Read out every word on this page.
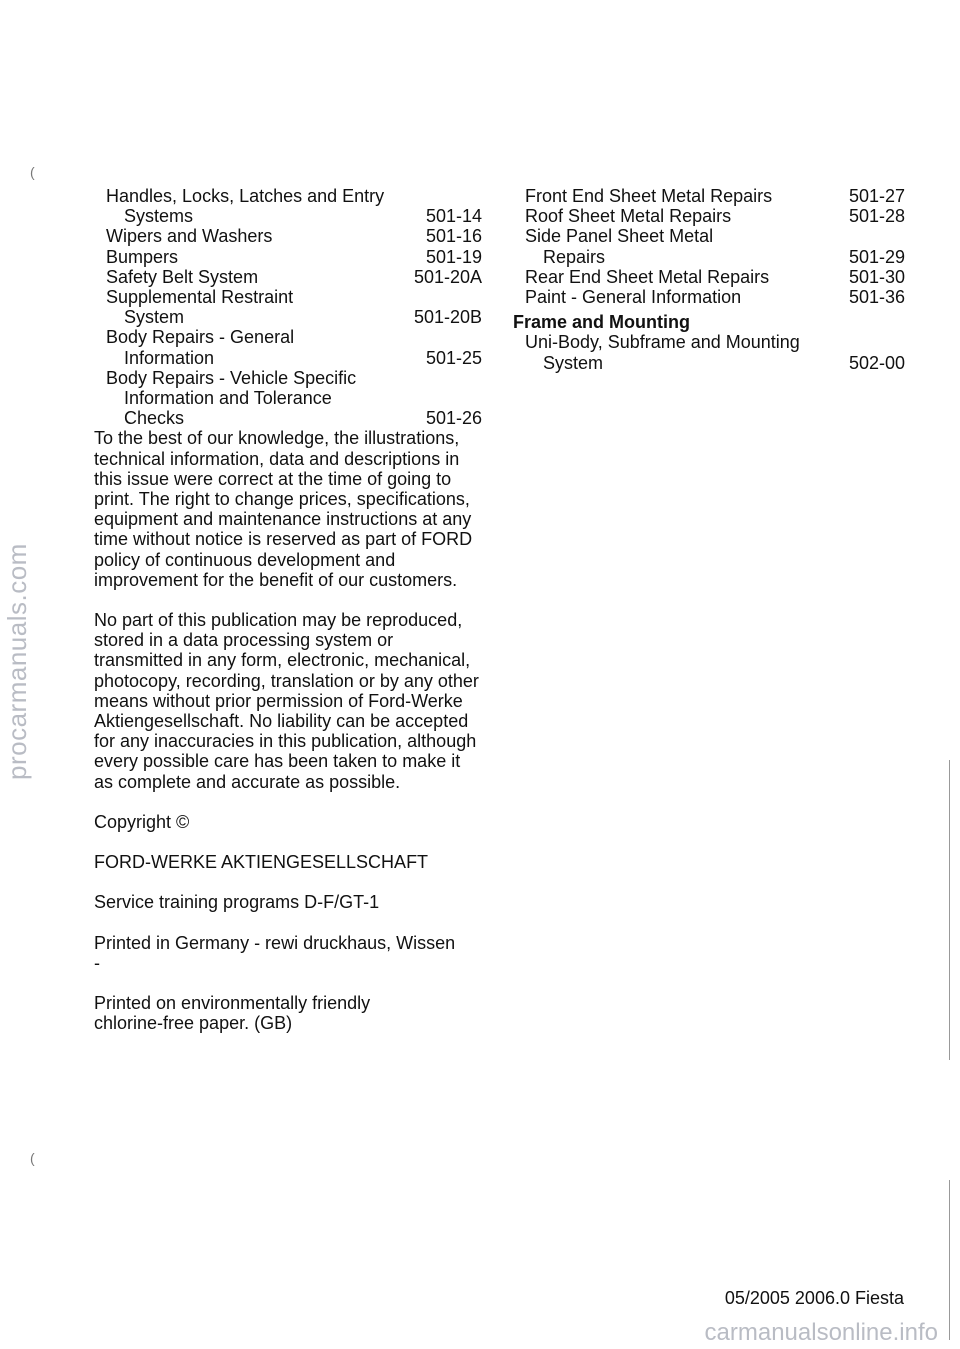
Handles, Locks, Latches and Entry
Systems	501-14
Wipers and Washers	501-16
Bumpers	501-19
Safety Belt System	501-20A
Supplemental Restraint
System	501-20B
Body Repairs - General
Information	501-25
Body Repairs - Vehicle Specific
Information and Tolerance
Checks	501-26

To the best of our knowledge, the illustrations, technical information, data and descriptions in this issue were correct at the time of going to print. The right to change prices, specifications, equipment and maintenance instructions at any time without notice is reserved as part of FORD policy of continuous development and improvement for the benefit of our customers.

No part of this publication may be reproduced, stored in a data processing system or transmitted in any form, electronic, mechanical, photocopy, recording, translation or by any other means without prior permission of Ford-Werke Aktiengesellschaft. No liability can be accepted for any inaccuracies in this publication, although every possible care has been taken to make it as complete and accurate as possible.

Copyright ©

FORD-WERKE AKTIENGESELLSCHAFT

Service training programs D-F/GT-1

Printed in Germany - rewi druckhaus, Wissen

-

Printed on environmentally friendly chlorine-free paper. (GB)

Front End Sheet Metal Repairs	501-27
Roof Sheet Metal Repairs	501-28
Side Panel Sheet Metal
Repairs	501-29
Rear End Sheet Metal Repairs	501-30
Paint - General Information	501-36
Frame and Mounting
Uni-Body, Subframe and Mounting
System	502-00
05/2005 2006.0 Fiesta
procarmanuals.com
carmanualsonline.info
(
(
